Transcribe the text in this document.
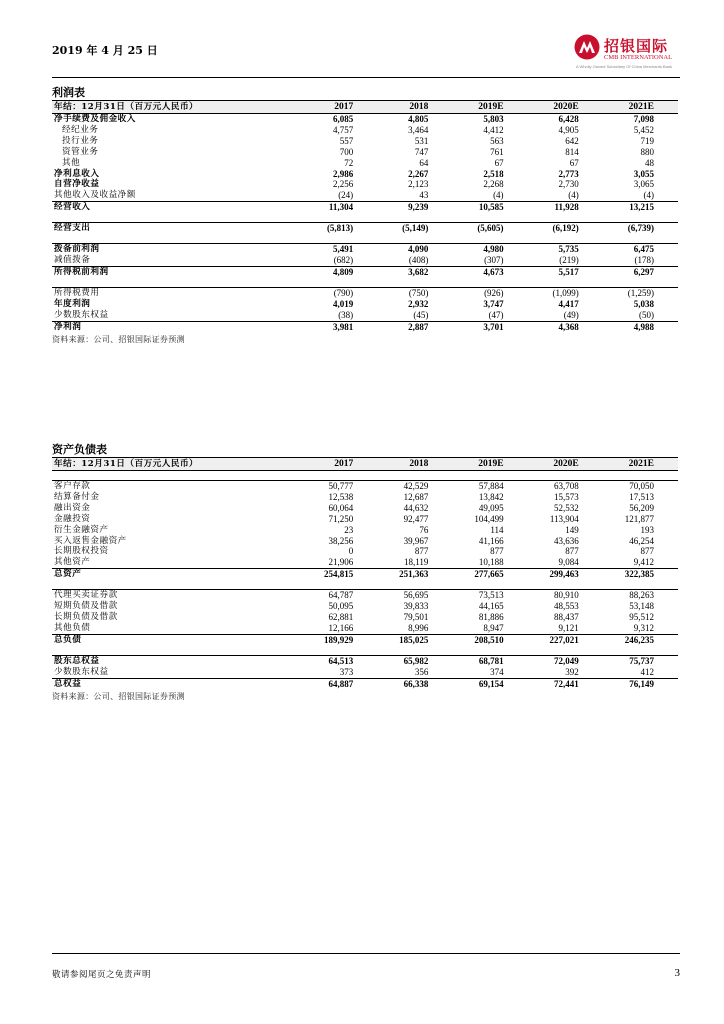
2019 年 4 月 25 日	招银国际
CMB INTERNATIONAL
A Wholly Owned Subsidiary Of China Merchants Bank
利润表
年结：12月31日（百万元人民币）	2017	2018	2019E	2020E	2021E
净手续费及佣金收入	6,085	4,805	5,803	6,428	7,098
经纪业务	4,757	3,464	4,412	4,905	5,452
投行业务	557	531	563	642	719
资管业务	700	747	761	814	880
其他	72	64	67	67	48
净利息收入	2,986	2,267	2,518	2,773	3,055
自营净收益	2,256	2,123	2,268	2,730	3,065
其他收入及收益净额	(24)	43	(4)	(4)	(4)
经营收入	11,304	9,239	10,585	11,928	13,215

经营支出	(5,813)	(5,149)	(5,605)	(6,192)	(6,739)

拨备前利润	5,491	4,090	4,980	5,735	6,475
减值拨备	(682)	(408)	(307)	(219)	(178)
所得税前利润	4,809	3,682	4,673	5,517	6,297

所得税费用	(790)	(750)	(926)	(1,099)	(1,259)
年度利润	4,019	2,932	3,747	4,417	5,038
少数股东权益	(38)	(45)	(47)	(49)	(50)
净利润	3,981	2,887	3,701	4,368	4,988
资料来源：公司、招银国际证券预测
资产负债表
年结：12月31日（百万元人民币）	2017	2018	2019E	2020E	2021E

客户存款	50,777	42,529	57,884	63,708	70,050
结算备付金	12,538	12,687	13,842	15,573	17,513
融出资金	60,064	44,632	49,095	52,532	56,209
金融投资	71,250	92,477	104,499	113,904	121,877
衍生金融资产	23	76	114	149	193
买入返售金融资产	38,256	39,967	41,166	43,636	46,254
长期股权投资	0	877	877	877	877
其他资产	21,906	18,119	10,188	9,084	9,412
总资产	254,815	251,363	277,665	299,463	322,385

代理买卖证券款	64,787	56,695	73,513	80,910	88,263
短期负债及借款	50,095	39,833	44,165	48,553	53,148
长期负债及借款	62,881	79,501	81,886	88,437	95,512
其他负债	12,166	8,996	8,947	9,121	9,312
总负债	189,929	185,025	208,510	227,021	246,235

股东总权益	64,513	65,982	68,781	72,049	75,737
少数股东权益	373	356	374	392	412
总权益	64,887	66,338	69,154	72,441	76,149
资料来源：公司、招银国际证券预测
敬请参阅尾页之免责声明	3
